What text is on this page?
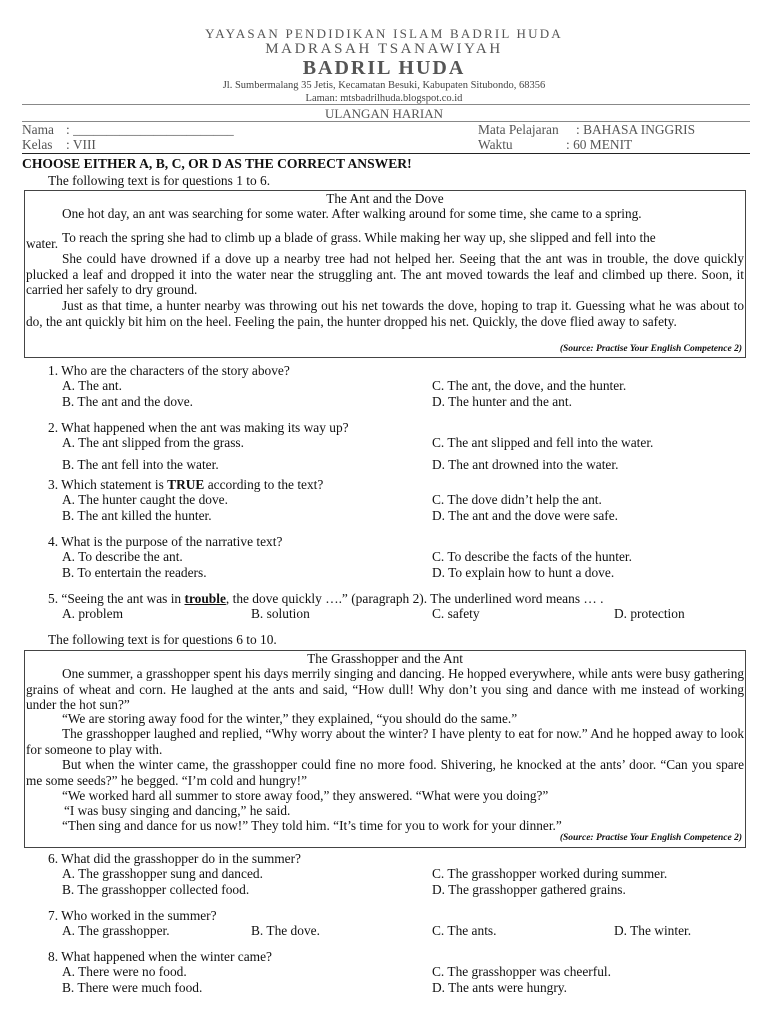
YAYASAN PENDIDIKAN ISLAM BADRIL HUDA
MADRASAH TSANAWIYAH
BADRIL HUDA
Jl. Sumbermalang 35 Jetis, Kecamatan Besuki, Kabupaten Situbondo, 68356
Laman: mtsbadrilhuda.blogspot.co.id
ULANGAN HARIAN
Nama : ________________________
Kelas : VIII
Mata Pelajaran : BAHASA INGGRIS
Waktu	: 60 MENIT
CHOOSE EITHER A, B, C, OR D AS THE CORRECT ANSWER!
The following text is for questions 1 to 6.
The Ant and the Dove
One hot day, an ant was searching for some water. After walking around for some time, she came to a spring.
To reach the spring she had to climb up a blade of grass. While making her way up, she slipped and fell into the
water.
She could have drowned if a dove up a nearby tree had not helped her. Seeing that the ant was in trouble, the dove quickly plucked a leaf and dropped it into the water near the struggling ant. The ant moved towards the leaf and climbed up there. Soon, it carried her safely to dry ground.
Just as that time, a hunter nearby was throwing out his net towards the dove, hoping to trap it. Guessing what he was about to do, the ant quickly bit him on the heel. Feeling the pain, the hunter dropped his net. Quickly, the dove flied away to safety.
(Source: Practise Your English Competence 2)
1. Who are the characters of the story above?
A. The ant.
B. The ant and the dove.
C. The ant, the dove, and the hunter.
D. The hunter and the ant.
2. What happened when the ant was making its way up?
A. The ant slipped from the grass.
B. The ant fell into the water.
C. The ant slipped and fell into the water.
D. The ant drowned into the water.
3. Which statement is TRUE according to the text?
A. The hunter caught the dove.
B. The ant killed the hunter.
C. The dove didn’t help the ant.
D. The ant and the dove were safe.
4. What is the purpose of the narrative text?
A. To describe the ant.
B. To entertain the readers.
C. To describe the facts of the hunter.
D. To explain how to hunt a dove.
5. “Seeing the ant was in trouble, the dove quickly ….” (paragraph 2). The underlined word means … .
A. problem	B. solution	C. safety	D. protection
The following text is for questions 6 to 10.
The Grasshopper and the Ant
One summer, a grasshopper spent his days merrily singing and dancing. He hopped everywhere, while ants were busy gathering grains of wheat and corn. He laughed at the ants and said, “How dull! Why don’t you sing and dance with me instead of working under the hot sun?”
“We are storing away food for the winter,” they explained, “you should do the same.”
The grasshopper laughed and replied, “Why worry about the winter? I have plenty to eat for now.” And he hopped away to look for someone to play with.
But when the winter came, the grasshopper could fine no more food. Shivering, he knocked at the ants’ door. “Can you spare me some seeds?” he begged. “I’m cold and hungry!”
“We worked hard all summer to store away food,” they answered. “What were you doing?”
“I was busy singing and dancing,” he said.
“Then sing and dance for us now!” They told him. “It’s time for you to work for your dinner.”
(Source: Practise Your English Competence 2)
6. What did the grasshopper do in the summer?
A. The grasshopper sung and danced.
B. The grasshopper collected food.
C. The grasshopper worked during summer.
D. The grasshopper gathered grains.
7. Who worked in the summer?
A. The grasshopper.	B. The dove.	C. The ants.	D. The winter.
8. What happened when the winter came?
A. There were no food.
B. There were much food.
C. The grasshopper was cheerful.
D. The ants were hungry.
